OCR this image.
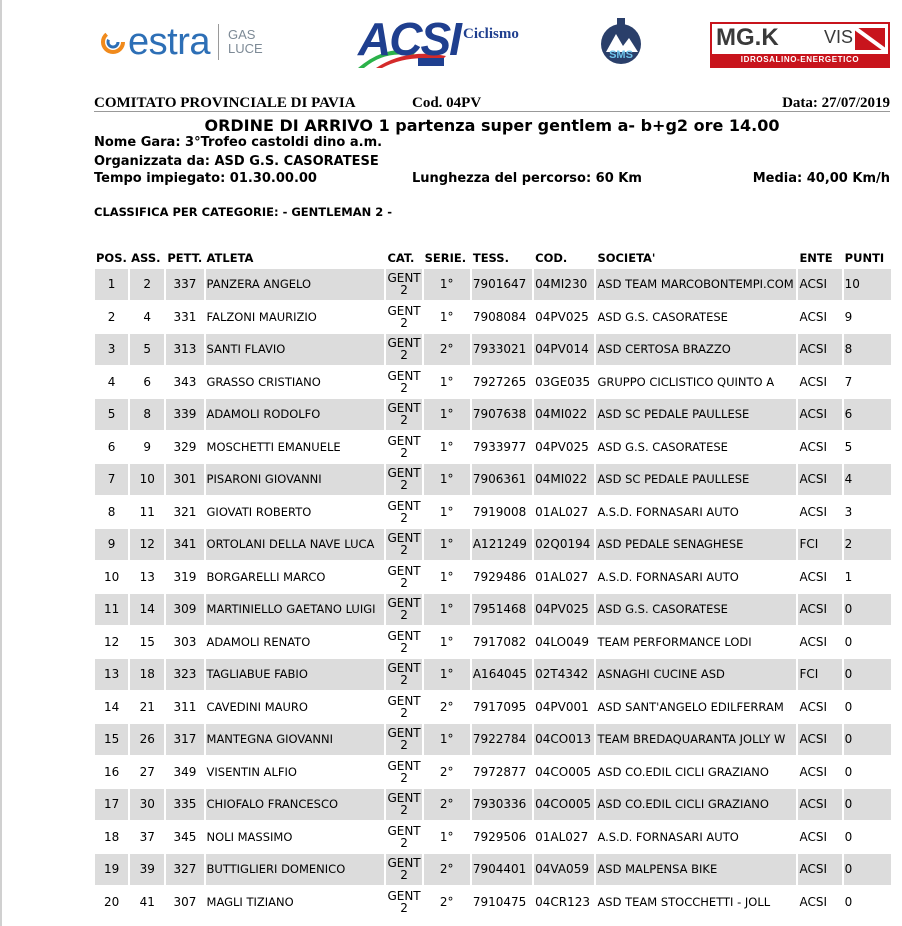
estra GAS
LUCE ACSI Ciclismo
SMS
MG.K	VIS
IDROSALINO-ENERGETICO
COMITATO PROVINCIALE DI PAVIA	Cod. 04PV	Data: 27/07/2019
ORDINE DI ARRIVO 1 partenza super gentlem a- b+g2 ore 14.00
Nome Gara: 3°Trofeo castoldi dino a.m.
Organizzata da: ASD G.S. CASORATESE
Tempo impiegato: 01.30.00.00	Lunghezza del percorso: 60 Km	Media: 40,00 Km/h
CLASSIFICA PER CATEGORIE: - GENTLEMAN 2 -
POS.	ASS.	PETT.	ATLETA	CAT.	SERIE.	TESS.	COD.	SOCIETA'	ENTE	PUNTI
1	2	337	PANZERA ANGELO	GENT 2	1°	7901647	04MI230	ASD TEAM MARCOBONTEMPI.COM	ACSI	10
2	4	331	FALZONI MAURIZIO	GENT 2	1°	7908084	04PV025	ASD G.S. CASORATESE	ACSI	9
3	5	313	SANTI FLAVIO	GENT 2	2°	7933021	04PV014	ASD CERTOSA BRAZZO	ACSI	8
4	6	343	GRASSO CRISTIANO	GENT 2	1°	7927265	03GE035	GRUPPO CICLISTICO QUINTO A	ACSI	7
5	8	339	ADAMOLI RODOLFO	GENT 2	1°	7907638	04MI022	ASD SC PEDALE PAULLESE	ACSI	6
6	9	329	MOSCHETTI EMANUELE	GENT 2	1°	7933977	04PV025	ASD G.S. CASORATESE	ACSI	5
7	10	301	PISARONI GIOVANNI	GENT 2	1°	7906361	04MI022	ASD SC PEDALE PAULLESE	ACSI	4
8	11	321	GIOVATI ROBERTO	GENT 2	1°	7919008	01AL027	A.S.D. FORNASARI AUTO	ACSI	3
9	12	341	ORTOLANI DELLA NAVE LUCA	GENT 2	1°	A121249	02Q0194	ASD PEDALE SENAGHESE	FCI	2
10	13	319	BORGARELLI MARCO	GENT 2	1°	7929486	01AL027	A.S.D. FORNASARI AUTO	ACSI	1
11	14	309	MARTINIELLO GAETANO LUIGI	GENT 2	1°	7951468	04PV025	ASD G.S. CASORATESE	ACSI	0
12	15	303	ADAMOLI RENATO	GENT 2	1°	7917082	04LO049	TEAM PERFORMANCE LODI	ACSI	0
13	18	323	TAGLIABUE FABIO	GENT 2	1°	A164045	02T4342	ASNAGHI CUCINE ASD	FCI	0
14	21	311	CAVEDINI MAURO	GENT 2	2°	7917095	04PV001	ASD SANT'ANGELO EDILFERRAM	ACSI	0
15	26	317	MANTEGNA GIOVANNI	GENT 2	1°	7922784	04CO013	TEAM BREDAQUARANTA JOLLY W	ACSI	0
16	27	349	VISENTIN ALFIO	GENT 2	2°	7972877	04CO005	ASD CO.EDIL CICLI GRAZIANO	ACSI	0
17	30	335	CHIOFALO FRANCESCO	GENT 2	2°	7930336	04CO005	ASD CO.EDIL CICLI GRAZIANO	ACSI	0
18	37	345	NOLI MASSIMO	GENT 2	1°	7929506	01AL027	A.S.D. FORNASARI AUTO	ACSI	0
19	39	327	BUTTIGLIERI DOMENICO	GENT 2	2°	7904401	04VA059	ASD MALPENSA BIKE	ACSI	0
20	41	307	MAGLI TIZIANO	GENT 2	2°	7910475	04CR123	ASD TEAM STOCCHETTI - JOLL	ACSI	0
